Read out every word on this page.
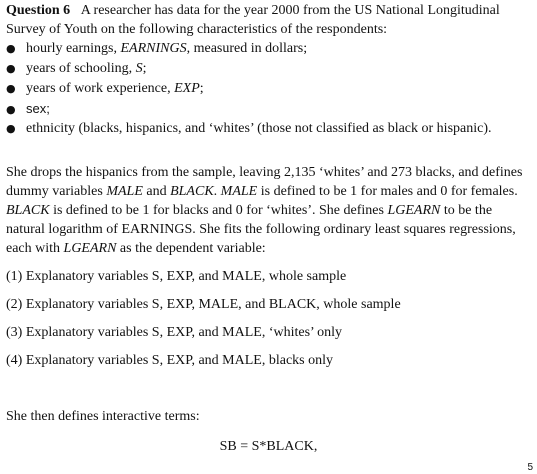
Question 6 A researcher has data for the year 2000 from the US National Longitudinal
Survey of Youth on the following characteristics of the respondents:
● hourly earnings, EARNINGS, measured in dollars;
● years of schooling, S;
● years of work experience, EXP;
● sex;
● ethnicity (blacks, hispanics, and ‘whites’ (those not classified as black or hispanic).
She drops the hispanics from the sample, leaving 2,135 ‘whites’ and 273 blacks, and defines
dummy variables MALE and BLACK. MALE is defined to be 1 for males and 0 for females.
BLACK is defined to be 1 for blacks and 0 for ‘whites’. She defines LGEARN to be the
natural logarithm of EARNINGS. She fits the following ordinary least squares regressions,
each with LGEARN as the dependent variable:
(1) Explanatory variables S, EXP, and MALE, whole sample
(2) Explanatory variables S, EXP, MALE, and BLACK, whole sample
(3) Explanatory variables S, EXP, and MALE, ‘whites’ only
(4) Explanatory variables S, EXP, and MALE, blacks only
She then defines interactive terms:
SB = S*BLACK,
5
